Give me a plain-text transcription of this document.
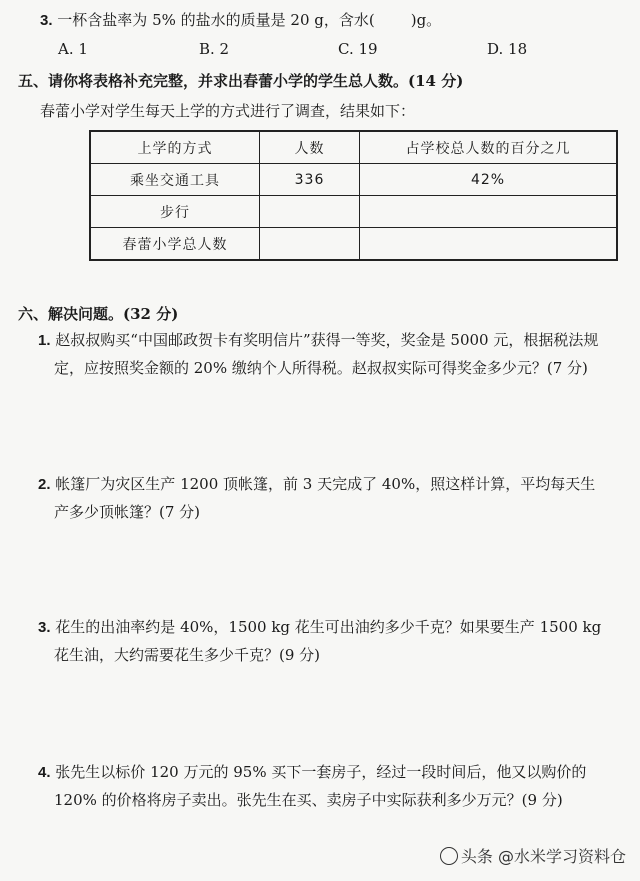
3. 一杯含盐率为 5% 的盐水的质量是 20 g，含水( )g。
A. 1	B. 2	C. 19	D. 18
五、请你将表格补充完整，并求出春蕾小学的学生总人数。(14 分)
春蕾小学对学生每天上学的方式进行了调查，结果如下：
上学的方式	人数	占学校总人数的百分之几
乘坐交通工具	336	42%
步行		
春蕾小学总人数		
六、解决问题。(32 分)
1. 赵叔叔购买“中国邮政贺卡有奖明信片”获得一等奖，奖金是 5000 元，根据税法规
定，应按照奖金额的 20% 缴纳个人所得税。赵叔叔实际可得奖金多少元？(7 分)
2. 帐篷厂为灾区生产 1200 顶帐篷，前 3 天完成了 40%，照这样计算，平均每天生
产多少顶帐篷？(7 分)
3. 花生的出油率约是 40%，1500 kg 花生可出油约多少千克？如果要生产 1500 kg
花生油，大约需要花生多少千克？(9 分)
4. 张先生以标价 120 万元的 95% 买下一套房子，经过一段时间后，他又以购价的
120% 的价格将房子卖出。张先生在买、卖房子中实际获利多少万元？(9 分)
头条 @水米学习资料仓
